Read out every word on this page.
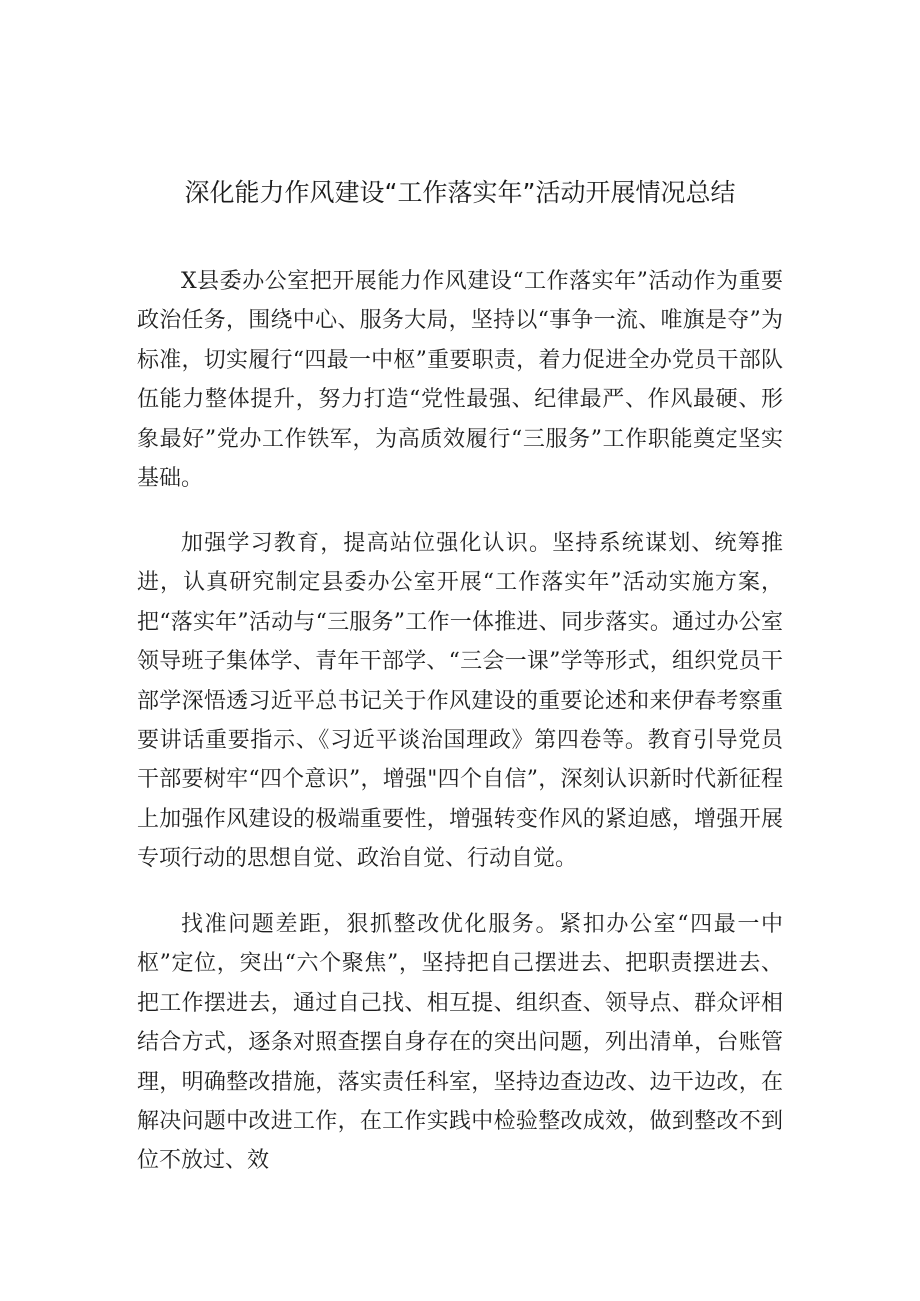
深化能力作风建设“工作落实年”活动开展情况总结

X县委办公室把开展能力作风建设“工作落实年”活动作为重要政治任务，围绕中心、服务大局，坚持以“事争一流、唯旗是夺”为标准，切实履行“四最一中枢”重要职责，着力促进全办党员干部队伍能力整体提升，努力打造“党性最强、纪律最严、作风最硬、形象最好”党办工作铁军，为高质效履行“三服务”工作职能奠定坚实基础。

加强学习教育，提高站位强化认识。坚持系统谋划、统筹推进，认真研究制定县委办公室开展“工作落实年”活动实施方案，把“落实年”活动与“三服务”工作一体推进、同步落实。通过办公室领导班子集体学、青年干部学、“三会一课”学等形式，组织党员干部学深悟透习近平总书记关于作风建设的重要论述和来伊春考察重要讲话重要指示、《习近平谈治国理政》第四卷等。教育引导党员干部要树牢“四个意识”，增强"四个自信”，深刻认识新时代新征程上加强作风建设的极端重要性，增强转变作风的紧迫感，增强开展专项行动的思想自觉、政治自觉、行动自觉。

找准问题差距，狠抓整改优化服务。紧扣办公室“四最一中枢”定位，突出“六个聚焦”，坚持把自己摆进去、把职责摆进去、把工作摆进去，通过自己找、相互提、组织查、领导点、群众评相结合方式，逐条对照查摆自身存在的突出问题，列出清单，台账管理，明确整改措施，落实责任科室，坚持边查边改、边干边改，在解决问题中改进工作，在工作实践中检验整改成效，做到整改不到位不放过、效
